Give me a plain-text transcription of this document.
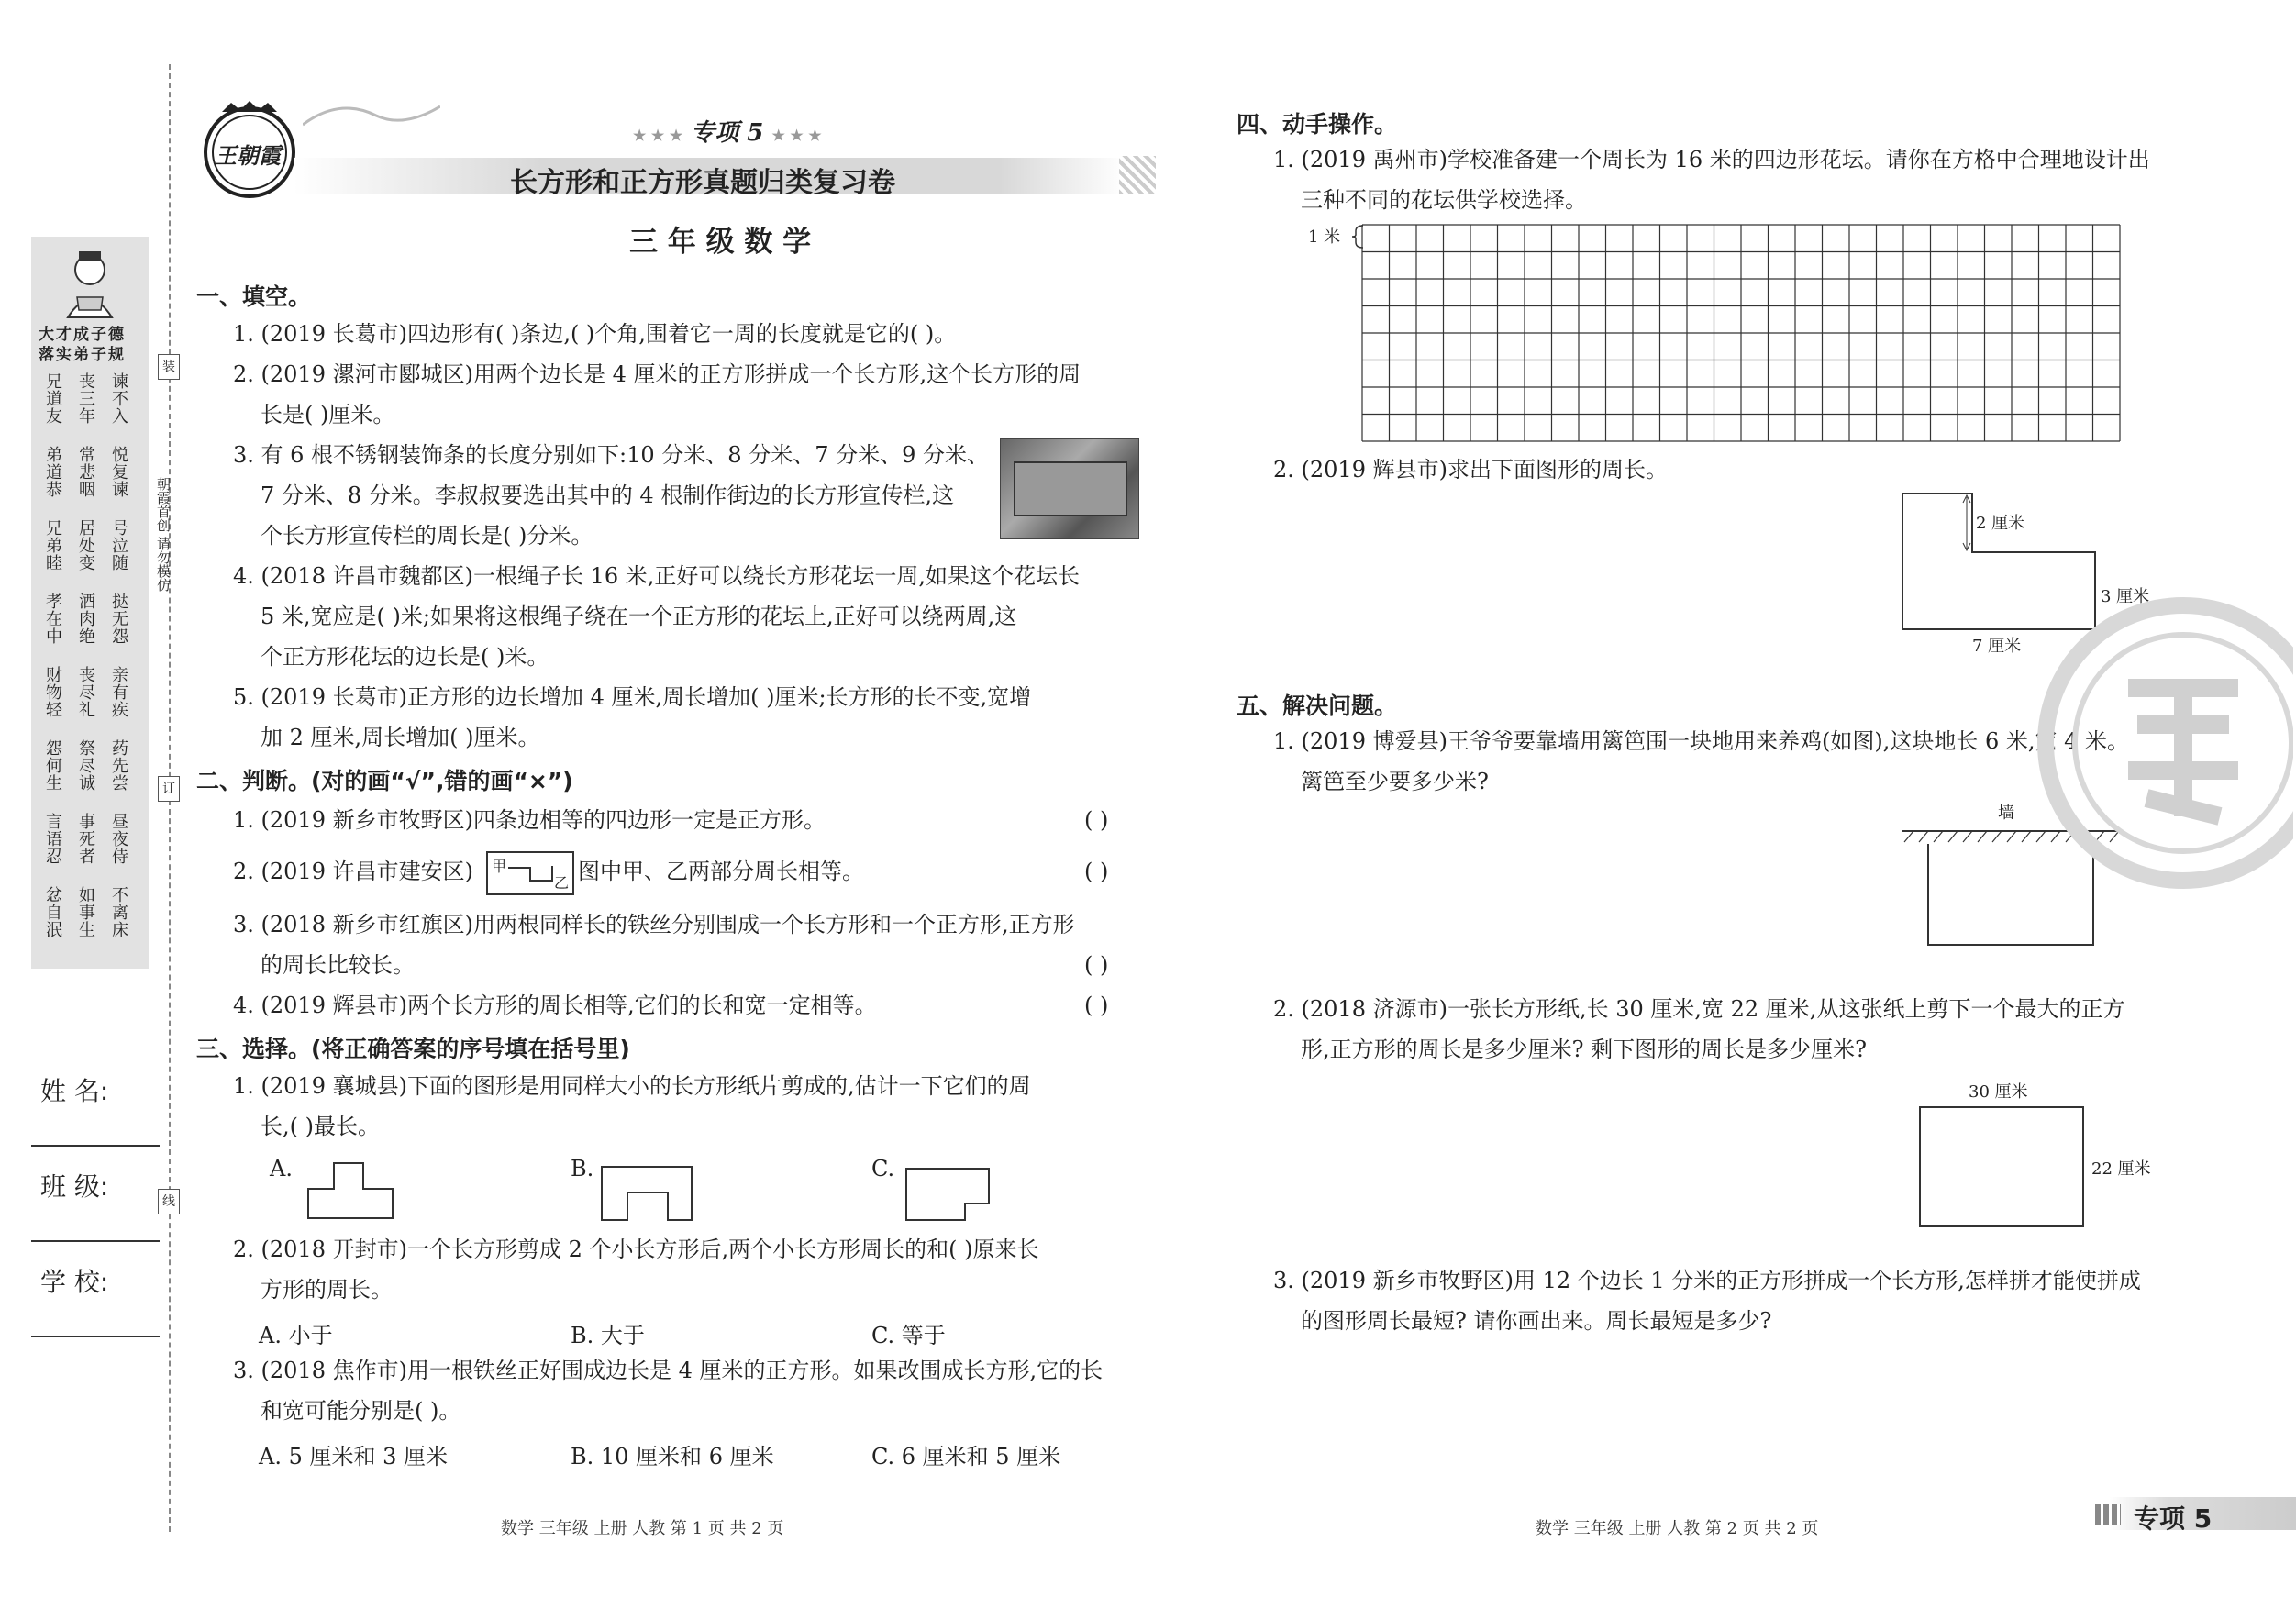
大才成子德
落实弟子规
兄道友 丧三年 谏不入
弟道恭 常悲咽 悦复谏
兄弟睦 居处变 号泣随
孝在中 酒肉绝 挞无怨
财物轻 丧尽礼 亲有疾
怨何生 祭尽诚 药先尝
言语忍 事死者 昼夜侍
忿自泯 如事生 不离床
装
订
线
朝霞首创 请勿模仿
姓 名:
班 级:
学 校:
王朝霞
★ ★ ★ 专项 5 ★ ★ ★
长方形和正方形真题归类复习卷
三 年 级 数 学
一、填空。
1. (2019 长葛市)四边形有( )条边,( )个角,围着它一周的长度就是它的( )。
2. (2019 漯河市郾城区)用两个边长是 4 厘米的正方形拼成一个长方形,这个长方形的周
长是( )厘米。
3. 有 6 根不锈钢装饰条的长度分别如下:10 分米、8 分米、7 分米、9 分米、
7 分米、8 分米。李叔叔要选出其中的 4 根制作街边的长方形宣传栏,这
个长方形宣传栏的周长是( )分米。
4. (2018 许昌市魏都区)一根绳子长 16 米,正好可以绕长方形花坛一周,如果这个花坛长
5 米,宽应是( )米;如果将这根绳子绕在一个正方形的花坛上,正好可以绕两周,这
个正方形花坛的边长是( )米。
5. (2019 长葛市)正方形的边长增加 4 厘米,周长增加( )厘米;长方形的长不变,宽增
加 2 厘米,周长增加( )厘米。
二、判断。(对的画“√”,错的画“×”)
1. (2019 新乡市牧野区)四条边相等的四边形一定是正方形。	( )
2. (2019 许昌市建安区) 甲
乙 图中甲、乙两部分周长相等。	( )
3. (2018 新乡市红旗区)用两根同样长的铁丝分别围成一个长方形和一个正方形,正方形
的周长比较长。	( )
4. (2019 辉县市)两个长方形的周长相等,它们的长和宽一定相等。	( )
三、选择。(将正确答案的序号填在括号里)
1. (2019 襄城县)下面的图形是用同样大小的长方形纸片剪成的,估计一下它们的周
长,( )最长。
A.	B.	C.
2. (2018 开封市)一个长方形剪成 2 个小长方形后,两个小长方形周长的和( )原来长
方形的周长。
A. 小于	B. 大于	C. 等于
3. (2018 焦作市)用一根铁丝正好围成边长是 4 厘米的正方形。如果改围成长方形,它的长
和宽可能分别是( )。
A. 5 厘米和 3 厘米	B. 10 厘米和 6 厘米	C. 6 厘米和 5 厘米
数学 三年级 上册 人教 第 1 页 共 2 页
四、动手操作。
1. (2019 禹州市)学校准备建一个周长为 16 米的四边形花坛。请你在方格中合理地设计出
三种不同的花坛供学校选择。
1 米
2. (2019 辉县市)求出下面图形的周长。
2 厘米
3 厘米
7 厘米
五、解决问题。
1. (2019 博爱县)王爷爷要靠墙用篱笆围一块地用来养鸡(如图),这块地长 6 米,宽 4 米。
篱笆至少要多少米?
墙
2. (2018 济源市)一张长方形纸,长 30 厘米,宽 22 厘米,从这张纸上剪下一个最大的正方
形,正方形的周长是多少厘米? 剩下图形的周长是多少厘米?
30 厘米
22 厘米
3. (2019 新乡市牧野区)用 12 个边长 1 分米的正方形拼成一个长方形,怎样拼才能使拼成
的图形周长最短? 请你画出来。周长最短是多少?
数学 三年级 上册 人教 第 2 页 共 2 页	专项 5
